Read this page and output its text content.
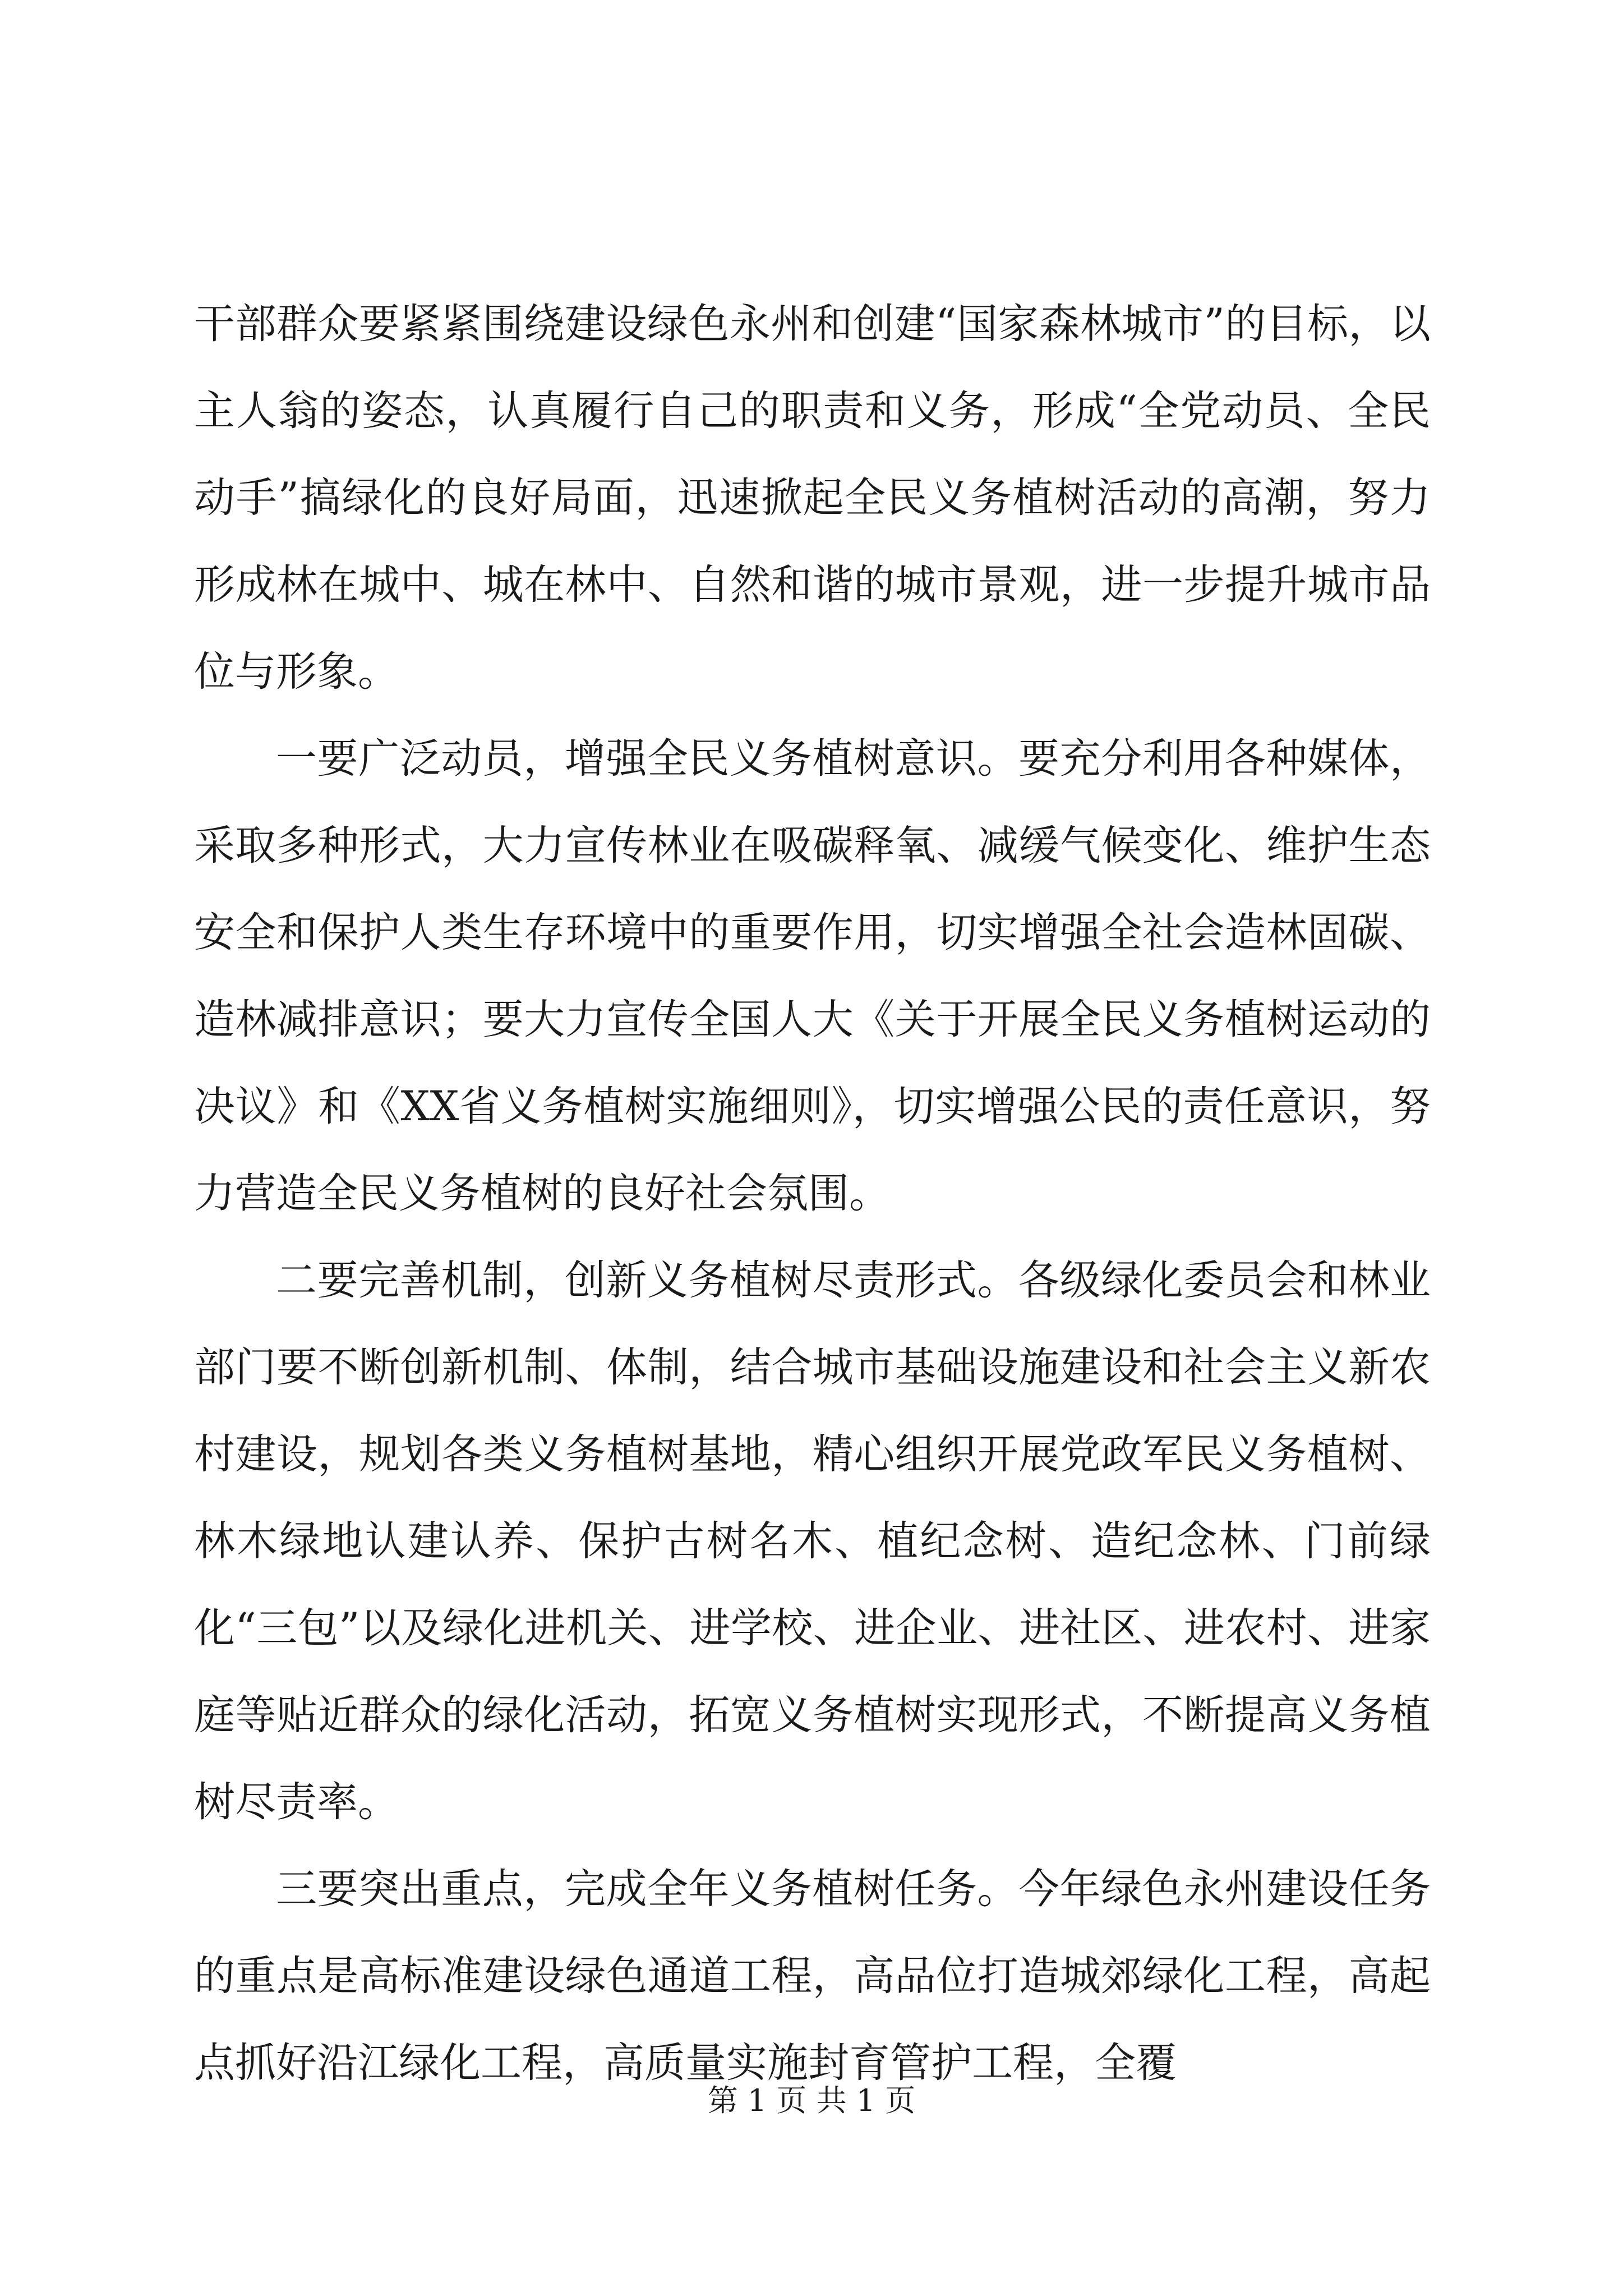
干部群众要紧紧围绕建设绿色永州和创建“国家森林城市”的目标，以主人翁的姿态，认真履行自己的职责和义务，形成“全党动员、全民动手”搞绿化的良好局面，迅速掀起全民义务植树活动的高潮，努力形成林在城中、城在林中、自然和谐的城市景观，进一步提升城市品位与形象。

一要广泛动员，增强全民义务植树意识。要充分利用各种媒体，采取多种形式，大力宣传林业在吸碳释氧、减缓气候变化、维护生态安全和保护人类生存环境中的重要作用，切实增强全社会造林固碳、造林减排意识；要大力宣传全国人大《关于开展全民义务植树运动的决议》和《XX省义务植树实施细则》，切实增强公民的责任意识，努力营造全民义务植树的良好社会氛围。

二要完善机制，创新义务植树尽责形式。各级绿化委员会和林业部门要不断创新机制、体制，结合城市基础设施建设和社会主义新农村建设，规划各类义务植树基地，精心组织开展党政军民义务植树、林木绿地认建认养、保护古树名木、植纪念树、造纪念林、门前绿化“三包”以及绿化进机关、进学校、进企业、进社区、进农村、进家庭等贴近群众的绿化活动，拓宽义务植树实现形式，不断提高义务植树尽责率。

三要突出重点，完成全年义务植树任务。今年绿色永州建设任务的重点是高标准建设绿色通道工程，高品位打造城郊绿化工程，高起点抓好沿江绿化工程，高质量实施封育管护工程，全覆

第 1 页 共 1 页
